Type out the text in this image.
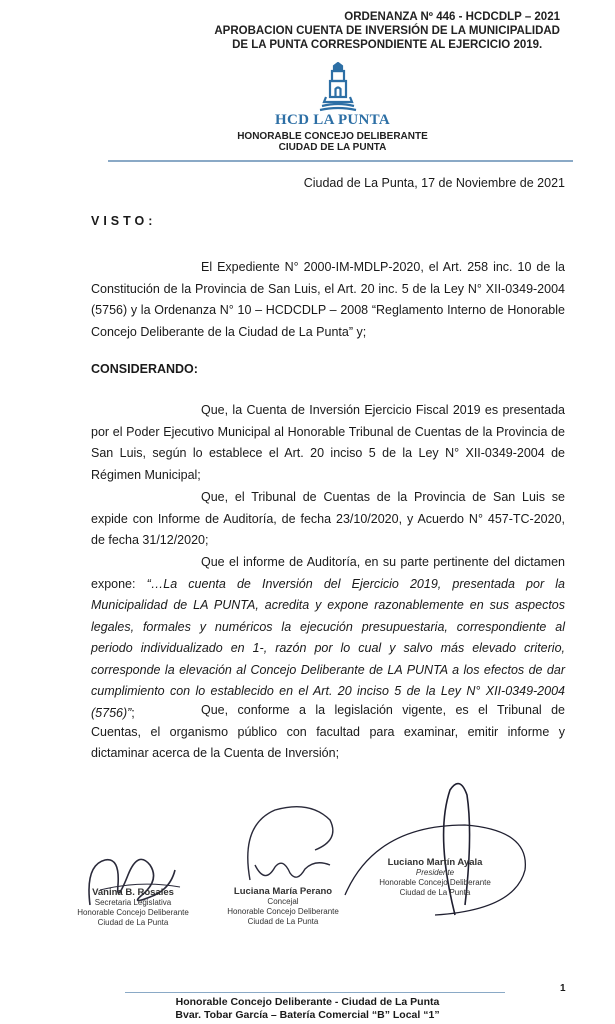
ORDENANZA Nº 446 - HCDCDLP – 2021
APROBACION CUENTA DE INVERSIÓN DE LA MUNICIPALIDAD
DE LA PUNTA CORRESPONDIENTE AL EJERCICIO 2019.
HCD LA PUNTA
HONORABLE CONCEJO DELIBERANTE
CIUDAD DE LA PUNTA
Ciudad de La Punta, 17 de Noviembre de 2021
VISTO:
El Expediente N° 2000-IM-MDLP-2020, el Art. 258 inc. 10 de la Constitución de la Provincia de San Luis, el Art. 20 inc. 5 de la Ley N° XII-0349-2004 (5756) y la Ordenanza N° 10 – HCDCDLP – 2008 “Reglamento Interno de Honorable Concejo Deliberante de la Ciudad de La Punta” y;
CONSIDERANDO:
Que, la Cuenta de Inversión Ejercicio Fiscal 2019 es presentada por el Poder Ejecutivo Municipal al Honorable Tribunal de Cuentas de la Provincia de San Luis, según lo establece el Art. 20 inciso 5 de la Ley N° XII-0349-2004 de Régimen Municipal;
Que, el Tribunal de Cuentas de la Provincia de San Luis se expide con Informe de Auditoría, de fecha 23/10/2020, y Acuerdo N° 457-TC-2020, de fecha 31/12/2020;
Que el informe de Auditoría, en su parte pertinente del dictamen expone: “…La cuenta de Inversión del Ejercicio 2019, presentada por la Municipalidad de LA PUNTA, acredita y expone razonablemente en sus aspectos legales, formales y numéricos la ejecución presupuestaria, correspondiente al periodo individualizado en 1-, razón por lo cual y salvo más elevado criterio, corresponde la elevación al Concejo Deliberante de LA PUNTA a los efectos de dar cumplimiento con lo establecido en el Art. 20 inciso 5 de la Ley N° XII-0349-2004 (5756)”;	Que, conforme a la legislación vigente, es el Tribunal de Cuentas, el organismo público con facultad para examinar, emitir informe y dictaminar acerca de la Cuenta de Inversión;
Vanina B. Rosales
Secretaria Legislativa
Honorable Concejo Deliberante
Ciudad de La Punta
Luciana María Perano
Concejal
Honorable Concejo Deliberante
Ciudad de La Punta
Luciano Martín Ayala
Presidente
Honorable Concejo Deliberante
Ciudad de La Punta
1
Honorable Concejo Deliberante - Ciudad de La Punta
Bvar. Tobar García – Batería Comercial “B” Local “1”
